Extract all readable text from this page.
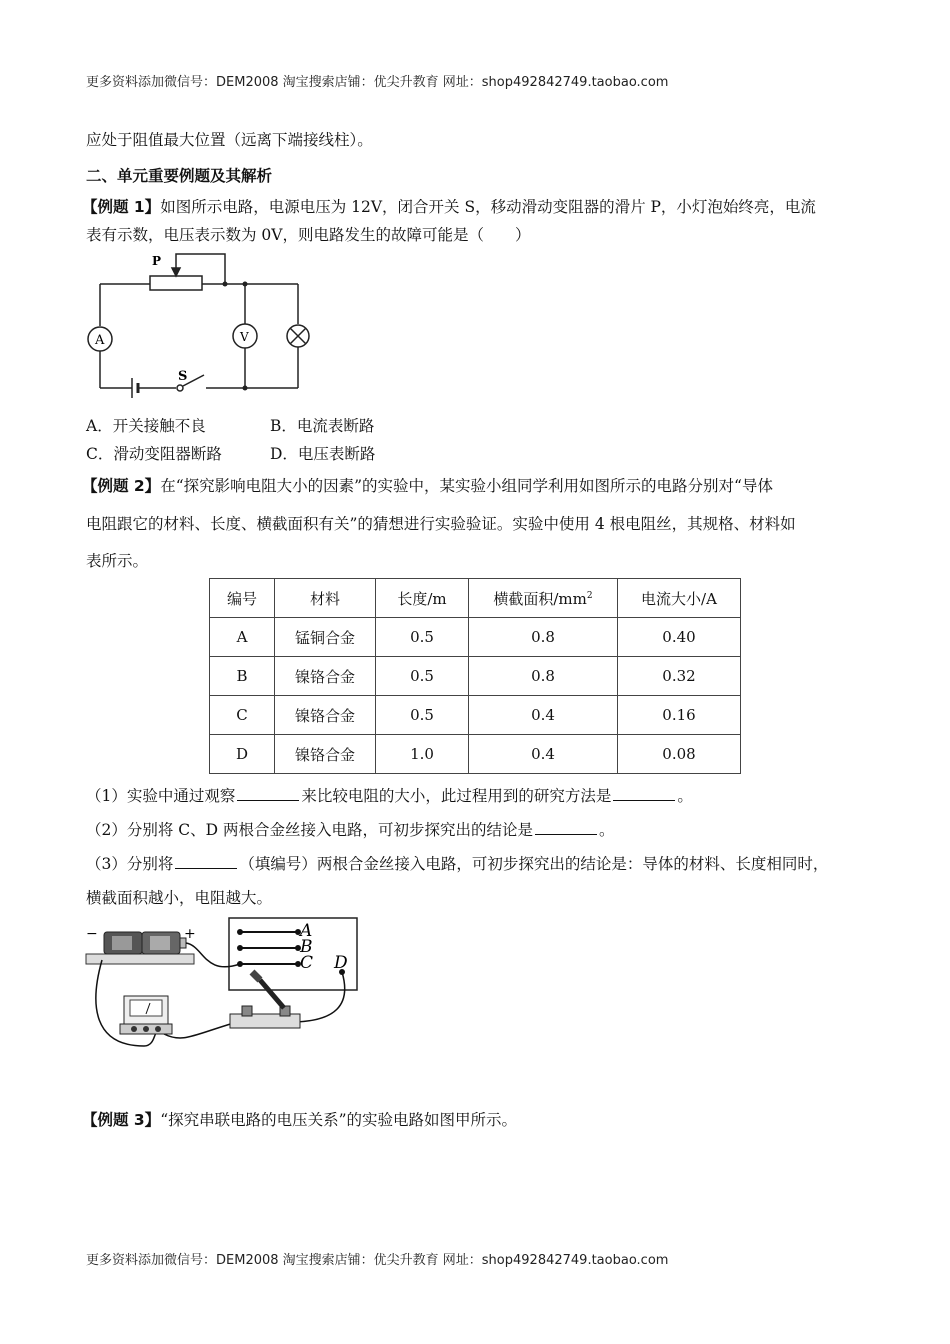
更多资料添加微信号：DEM2008 淘宝搜索店铺：优尖升教育 网址：shop492842749.taobao.com
应处于阻值最大位置（远离下端接线柱）。
二、单元重要例题及其解析
【例题 1】如图所示电路，电源电压为 12V，闭合开关 S，移动滑动变阻器的滑片 P，小灯泡始终亮，电流
表有示数，电压表示数为 0V，则电路发生的故障可能是（　　）
P
A	V
S
A．开关接触不良	B．电流表断路
C．滑动变阻器断路	D．电压表断路
【例题 2】在“探究影响电阻大小的因素”的实验中，某实验小组同学利用如图所示的电路分别对“导体
电阻跟它的材料、长度、横截面积有关”的猜想进行实验验证。实验中使用 4 根电阻丝，其规格、材料如
表所示。
编号	材料	长度/m	横截面积$/mm^2$	电流大小/A
A	锰铜合金	0.5	0.8	0.40
B	镍铬合金	0.5	0.8	0.32
C	镍铬合金	0.5	0.4	0.16
D	镍铬合金	1.0	0.4	0.08
（1）实验中通过观察	来比较电阻的大小，此过程用到的研究方法是	。
（2）分别将 C、D 两根合金丝接入电路，可初步探究出的结论是	。
（3）分别将	（填编号）两根合金丝接入电路，可初步探究出的结论是：导体的材料、长度相同时，
横截面积越小，电阻越大。
−	+	A
B
C D
【例题 3】“探究串联电路的电压关系”的实验电路如图甲所示。
更多资料添加微信号：DEM2008 淘宝搜索店铺：优尖升教育 网址：shop492842749.taobao.com
